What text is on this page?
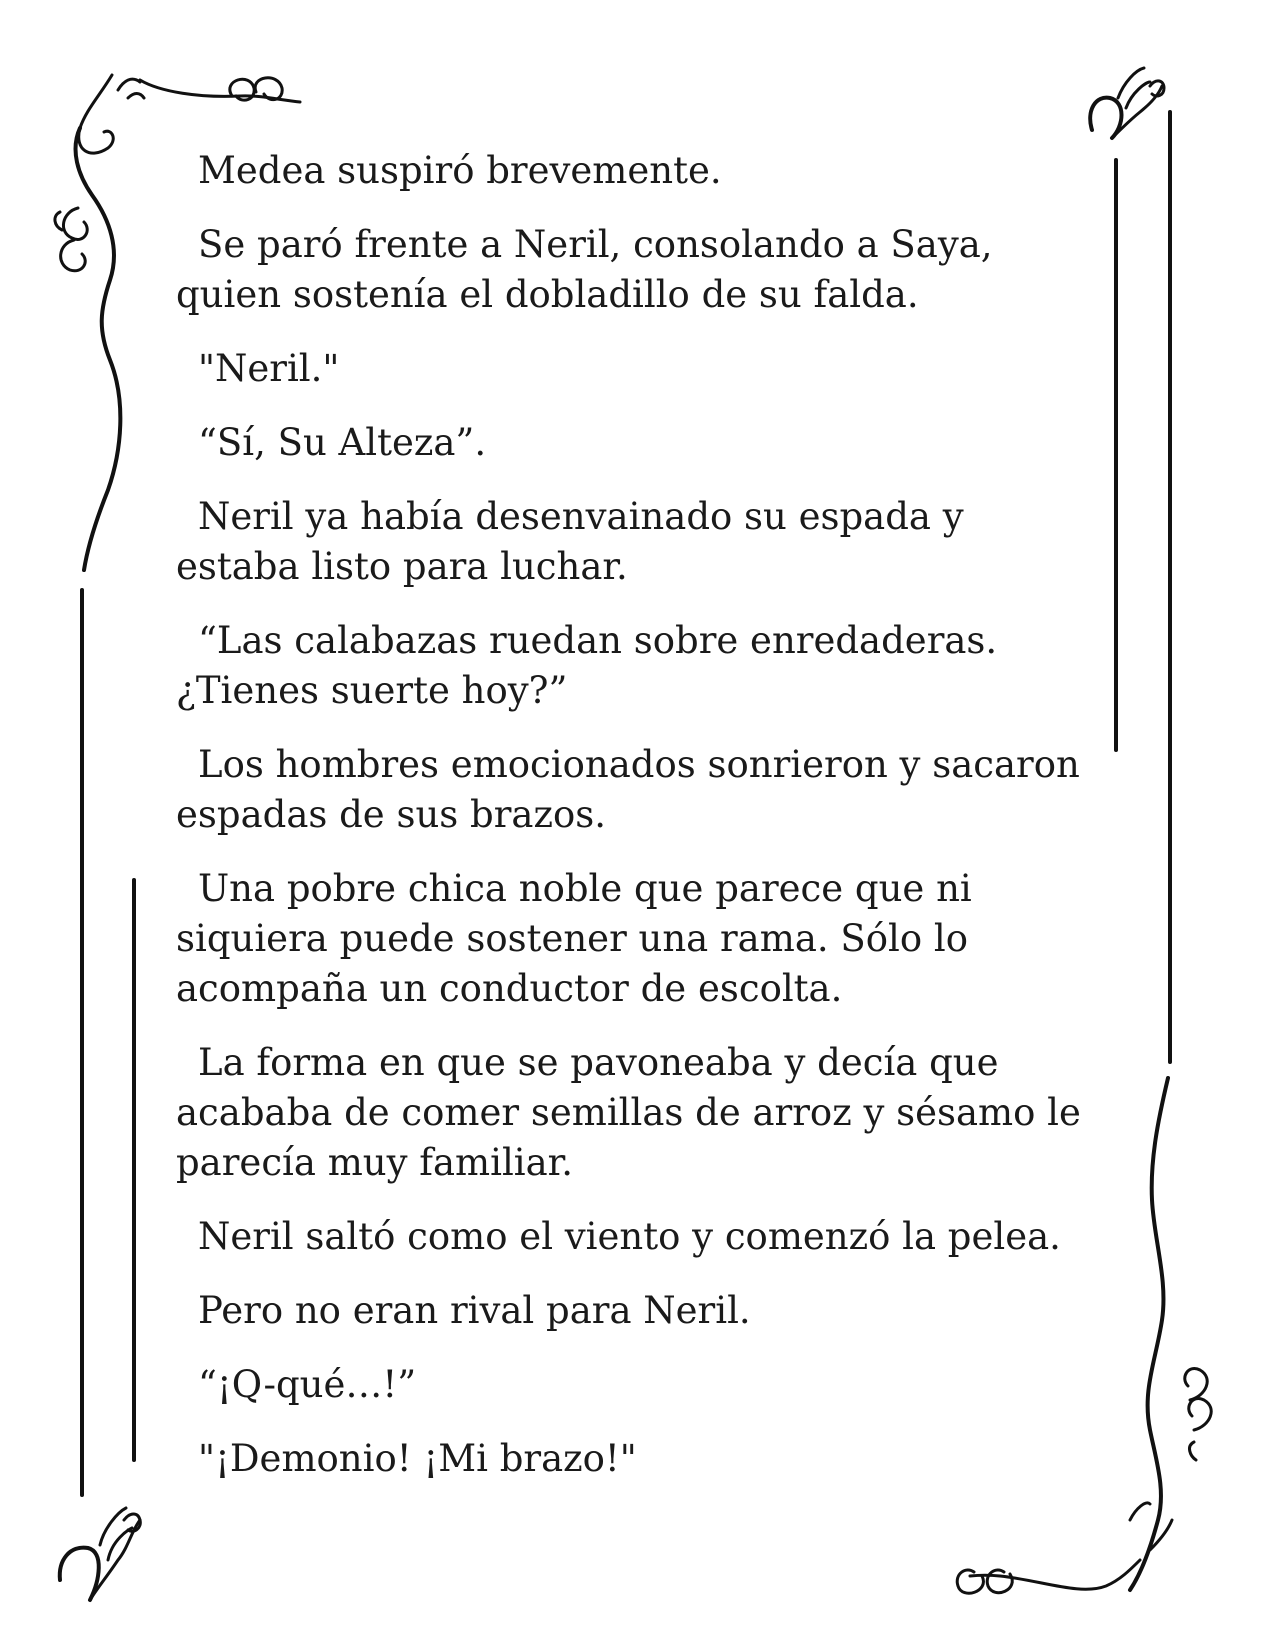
Medea suspiró brevemente.

Se paró frente a Neril, consolando a Saya,
quien sostenía el dobladillo de su falda.

"Neril."

“Sí, Su Alteza”.

Neril ya había desenvainado su espada y
estaba listo para luchar.

“Las calabazas ruedan sobre enredaderas.
¿Tienes suerte hoy?”

Los hombres emocionados sonrieron y sacaron
espadas de sus brazos.

Una pobre chica noble que parece que ni
siquiera puede sostener una rama. Sólo lo
acompaña un conductor de escolta.

La forma en que se pavoneaba y decía que
acababa de comer semillas de arroz y sésamo le
parecía muy familiar.

Neril saltó como el viento y comenzó la pelea.

Pero no eran rival para Neril.

“¡Q-qué…!”

"¡Demonio! ¡Mi brazo!"
